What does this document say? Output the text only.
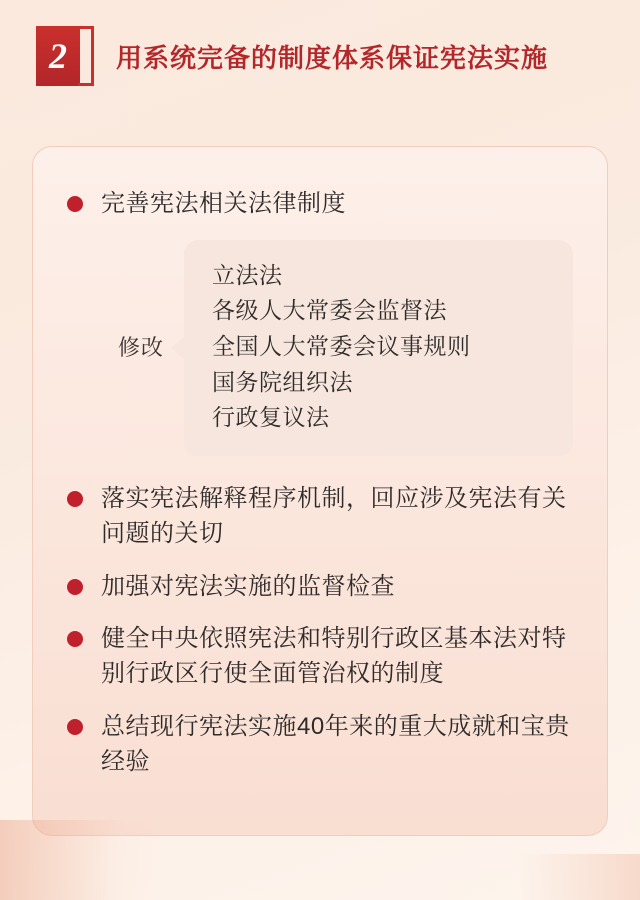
2	用系统完备的制度体系保证宪法实施
完善宪法相关法律制度
修改
立法法
各级人大常委会监督法
全国人大常委会议事规则
国务院组织法
行政复议法
落实宪法解释程序机制，回应涉及宪法有关问题的关切
加强对宪法实施的监督检查
健全中央依照宪法和特别行政区基本法对特别行政区行使全面管治权的制度
总结现行宪法实施40年来的重大成就和宝贵经验
